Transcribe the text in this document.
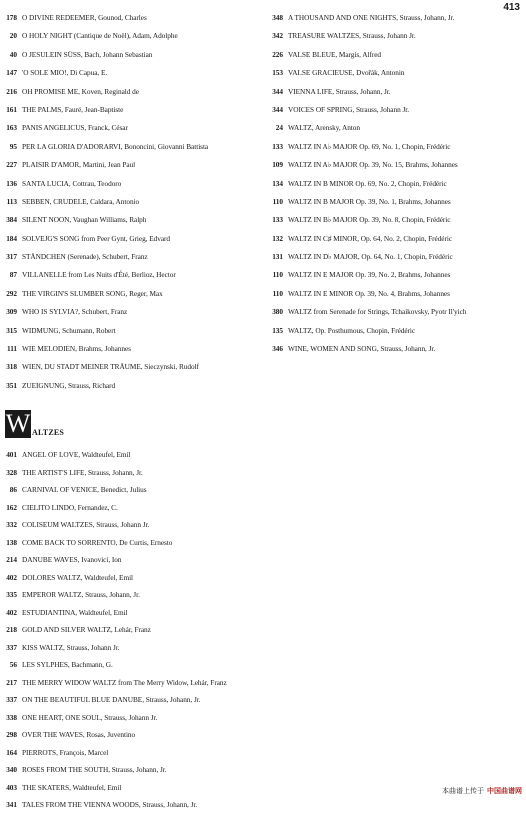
413
178 O DIVINE REDEEMER, Gounod, Charles
20 O HOLY NIGHT (Cantique de Noël), Adam, Adolphe
40 O JESULEIN SÜSS, Bach, Johann Sebastian
147 'O SOLE MIO!, Di Capua, E.
216 OH PROMISE ME, Koven, Reginald de
161 THE PALMS, Fauré, Jean-Baptiste
163 PANIS ANGELICUS, Franck, César
95 PER LA GLORIA D'ADORARVI, Bononcini, Giovanni Battista
227 PLAISIR D'AMOR, Martini, Jean Paul
136 SANTA LUCIA, Cottrau, Teodoro
113 SEBBEN, CRUDELE, Caldara, Antonio
384 SILENT NOON, Vaughan Williams, Ralph
184 SOLVEJG'S SONG from Peer Gynt, Grieg, Edvard
317 STÄNDCHEN (Serenade), Schubert, Franz
87 VILLANELLE from Les Nuits d'Été, Berlioz, Hector
292 THE VIRGIN'S SLUMBER SONG, Reger, Max
309 WHO IS SYLVIA?, Schubert, Franz
315 WIDMUNG, Schumann, Robert
111 WIE MELODIEN, Brahms, Johannes
318 WIEN, DU STADT MEINER TRÄUME, Sieczynski, Rudolf
351 ZUEIGNUNG, Strauss, Richard
W ALTZES
401 ANGEL OF LOVE, Waldteufel, Emil
328 THE ARTIST'S LIFE, Strauss, Johann, Jr.
86 CARNIVAL OF VENICE, Benedict, Julius
162 CIELITO LINDO, Fernandez, C.
332 COLISEUM WALTZES, Strauss, Johann Jr.
138 COME BACK TO SORRENTO, De Curtis, Ernesto
214 DANUBE WAVES, Ivanovici, Ion
402 DOLORES WALTZ, Waldteufel, Emil
335 EMPEROR WALTZ, Strauss, Johann, Jr.
402 ESTUDIANTINA, Waldteufel, Emil
218 GOLD AND SILVER WALTZ, Lehár, Franz
337 KISS WALTZ, Strauss, Johann Jr.
56 LES SYLPHES, Bachmann, G.
217 THE MERRY WIDOW WALTZ from The Merry Widow, Lehár, Franz
337 ON THE BEAUTIFUL BLUE DANUBE, Strauss, Johann, Jr.
338 ONE HEART, ONE SOUL, Strauss, Johann Jr.
298 OVER THE WAVES, Rosas, Juventino
164 PIERROTS, François, Marcel
340 ROSES FROM THE SOUTH, Strauss, Johann, Jr.
403 THE SKATERS, Waldteufel, Emil
341 TALES FROM THE VIENNA WOODS, Strauss, Johann, Jr.
348 A THOUSAND AND ONE NIGHTS, Strauss, Johann, Jr.
342 TREASURE WALTZES, Strauss, Johann Jr.
226 VALSE BLEUE, Margis, Alfred
153 VALSE GRACIEUSE, Dvořák, Antonin
344 VIENNA LIFE, Strauss, Johann, Jr.
344 VOICES OF SPRING, Strauss, Johann Jr.
24 WALTZ, Arensky, Anton
133 WALTZ IN A♭ MAJOR Op. 69, No. 1, Chopin, Frédéric
109 WALTZ IN A♭ MAJOR Op. 39, No. 15, Brahms, Johannes
134 WALTZ IN B MINOR Op. 69, No. 2, Chopin, Frédéric
110 WALTZ IN B MAJOR Op. 39, No. 1, Brahms, Johannes
133 WALTZ IN B♭ MAJOR Op. 39, No. 8, Chopin, Frédéric
132 WALTZ IN C♯ MINOR, Op. 64, No. 2, Chopin, Frédéric
131 WALTZ IN D♭ MAJOR, Op. 64, No. 1, Chopin, Frédéric
110 WALTZ IN E MAJOR Op. 39, No. 2, Brahms, Johannes
110 WALTZ IN E MINOR Op. 39, No. 4, Brahms, Johannes
380 WALTZ from Serenade for Strings, Tchaikovsky, Pyotr Il'yich
135 WALTZ, Op. Posthumous, Chopin, Frédéric
346 WINE, WOMEN AND SONG, Strauss, Johann, Jr.
本曲谱上传于 中国曲谱网
